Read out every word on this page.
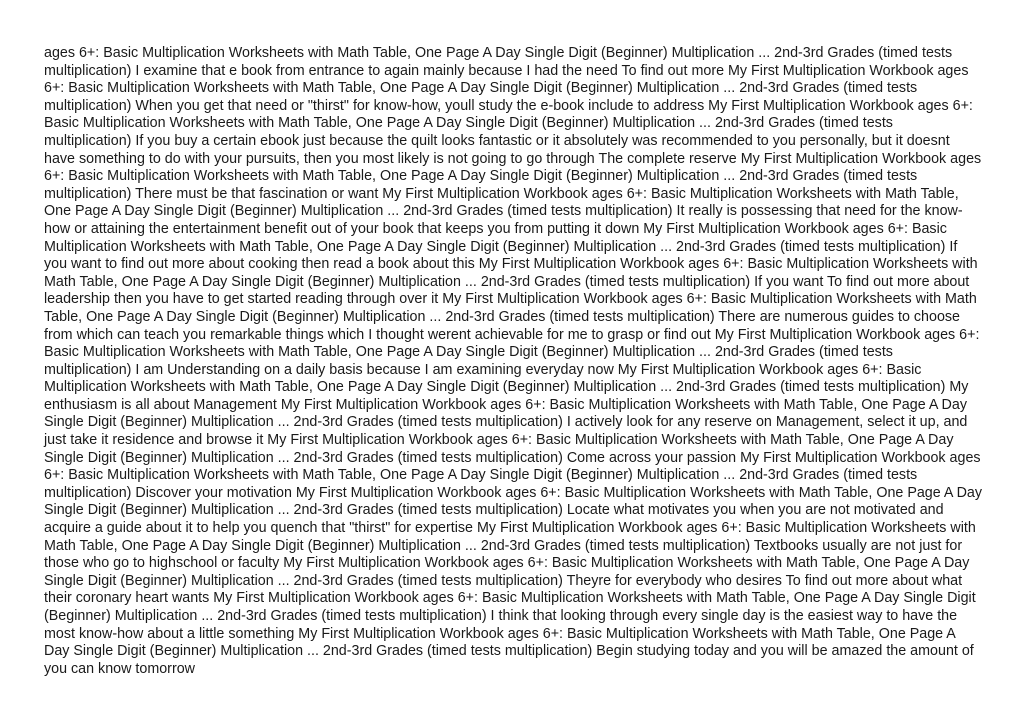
ages 6+: Basic Multiplication Worksheets with Math Table, One Page A Day Single Digit (Beginner) Multiplication ... 2nd-3rd Grades (timed tests multiplication) I examine that e book from entrance to again mainly because I had the need To find out more My First Multiplication Workbook ages 6+: Basic Multiplication Worksheets with Math Table, One Page A Day Single Digit (Beginner) Multiplication ... 2nd-3rd Grades (timed tests multiplication) When you get that need or "thirst" for know-how, youll study the e-book include to address My First Multiplication Workbook ages 6+: Basic Multiplication Worksheets with Math Table, One Page A Day Single Digit (Beginner) Multiplication ... 2nd-3rd Grades (timed tests multiplication) If you buy a certain ebook just because the quilt looks fantastic or it absolutely was recommended to you personally, but it doesnt have something to do with your pursuits, then you most likely is not going to go through The complete reserve My First Multiplication Workbook ages 6+: Basic Multiplication Worksheets with Math Table, One Page A Day Single Digit (Beginner) Multiplication ... 2nd-3rd Grades (timed tests multiplication) There must be that fascination or want My First Multiplication Workbook ages 6+: Basic Multiplication Worksheets with Math Table, One Page A Day Single Digit (Beginner) Multiplication ... 2nd-3rd Grades (timed tests multiplication) It really is possessing that need for the know-how or attaining the entertainment benefit out of your book that keeps you from putting it down My First Multiplication Workbook ages 6+: Basic Multiplication Worksheets with Math Table, One Page A Day Single Digit (Beginner) Multiplication ... 2nd-3rd Grades (timed tests multiplication) If you want to find out more about cooking then read a book about this My First Multiplication Workbook ages 6+: Basic Multiplication Worksheets with Math Table, One Page A Day Single Digit (Beginner) Multiplication ... 2nd-3rd Grades (timed tests multiplication) If you want To find out more about leadership then you have to get started reading through over it My First Multiplication Workbook ages 6+: Basic Multiplication Worksheets with Math Table, One Page A Day Single Digit (Beginner) Multiplication ... 2nd-3rd Grades (timed tests multiplication) There are numerous guides to choose from which can teach you remarkable things which I thought werent achievable for me to grasp or find out My First Multiplication Workbook ages 6+: Basic Multiplication Worksheets with Math Table, One Page A Day Single Digit (Beginner) Multiplication ... 2nd-3rd Grades (timed tests multiplication) I am Understanding on a daily basis because I am examining everyday now My First Multiplication Workbook ages 6+: Basic Multiplication Worksheets with Math Table, One Page A Day Single Digit (Beginner) Multiplication ... 2nd-3rd Grades (timed tests multiplication) My enthusiasm is all about Management My First Multiplication Workbook ages 6+: Basic Multiplication Worksheets with Math Table, One Page A Day Single Digit (Beginner) Multiplication ... 2nd-3rd Grades (timed tests multiplication) I actively look for any reserve on Management, select it up, and just take it residence and browse it My First Multiplication Workbook ages 6+: Basic Multiplication Worksheets with Math Table, One Page A Day Single Digit (Beginner) Multiplication ... 2nd-3rd Grades (timed tests multiplication) Come across your passion My First Multiplication Workbook ages 6+: Basic Multiplication Worksheets with Math Table, One Page A Day Single Digit (Beginner) Multiplication ... 2nd-3rd Grades (timed tests multiplication) Discover your motivation My First Multiplication Workbook ages 6+: Basic Multiplication Worksheets with Math Table, One Page A Day Single Digit (Beginner) Multiplication ... 2nd-3rd Grades (timed tests multiplication) Locate what motivates you when you are not motivated and acquire a guide about it to help you quench that "thirst" for expertise My First Multiplication Workbook ages 6+: Basic Multiplication Worksheets with Math Table, One Page A Day Single Digit (Beginner) Multiplication ... 2nd-3rd Grades (timed tests multiplication) Textbooks usually are not just for those who go to highschool or faculty My First Multiplication Workbook ages 6+: Basic Multiplication Worksheets with Math Table, One Page A Day Single Digit (Beginner) Multiplication ... 2nd-3rd Grades (timed tests multiplication) Theyre for everybody who desires To find out more about what their coronary heart wants My First Multiplication Workbook ages 6+: Basic Multiplication Worksheets with Math Table, One Page A Day Single Digit (Beginner) Multiplication ... 2nd-3rd Grades (timed tests multiplication) I think that looking through every single day is the easiest way to have the most know-how about a little something My First Multiplication Workbook ages 6+: Basic Multiplication Worksheets with Math Table, One Page A Day Single Digit (Beginner) Multiplication ... 2nd-3rd Grades (timed tests multiplication) Begin studying today and you will be amazed the amount of you can know tomorrow
